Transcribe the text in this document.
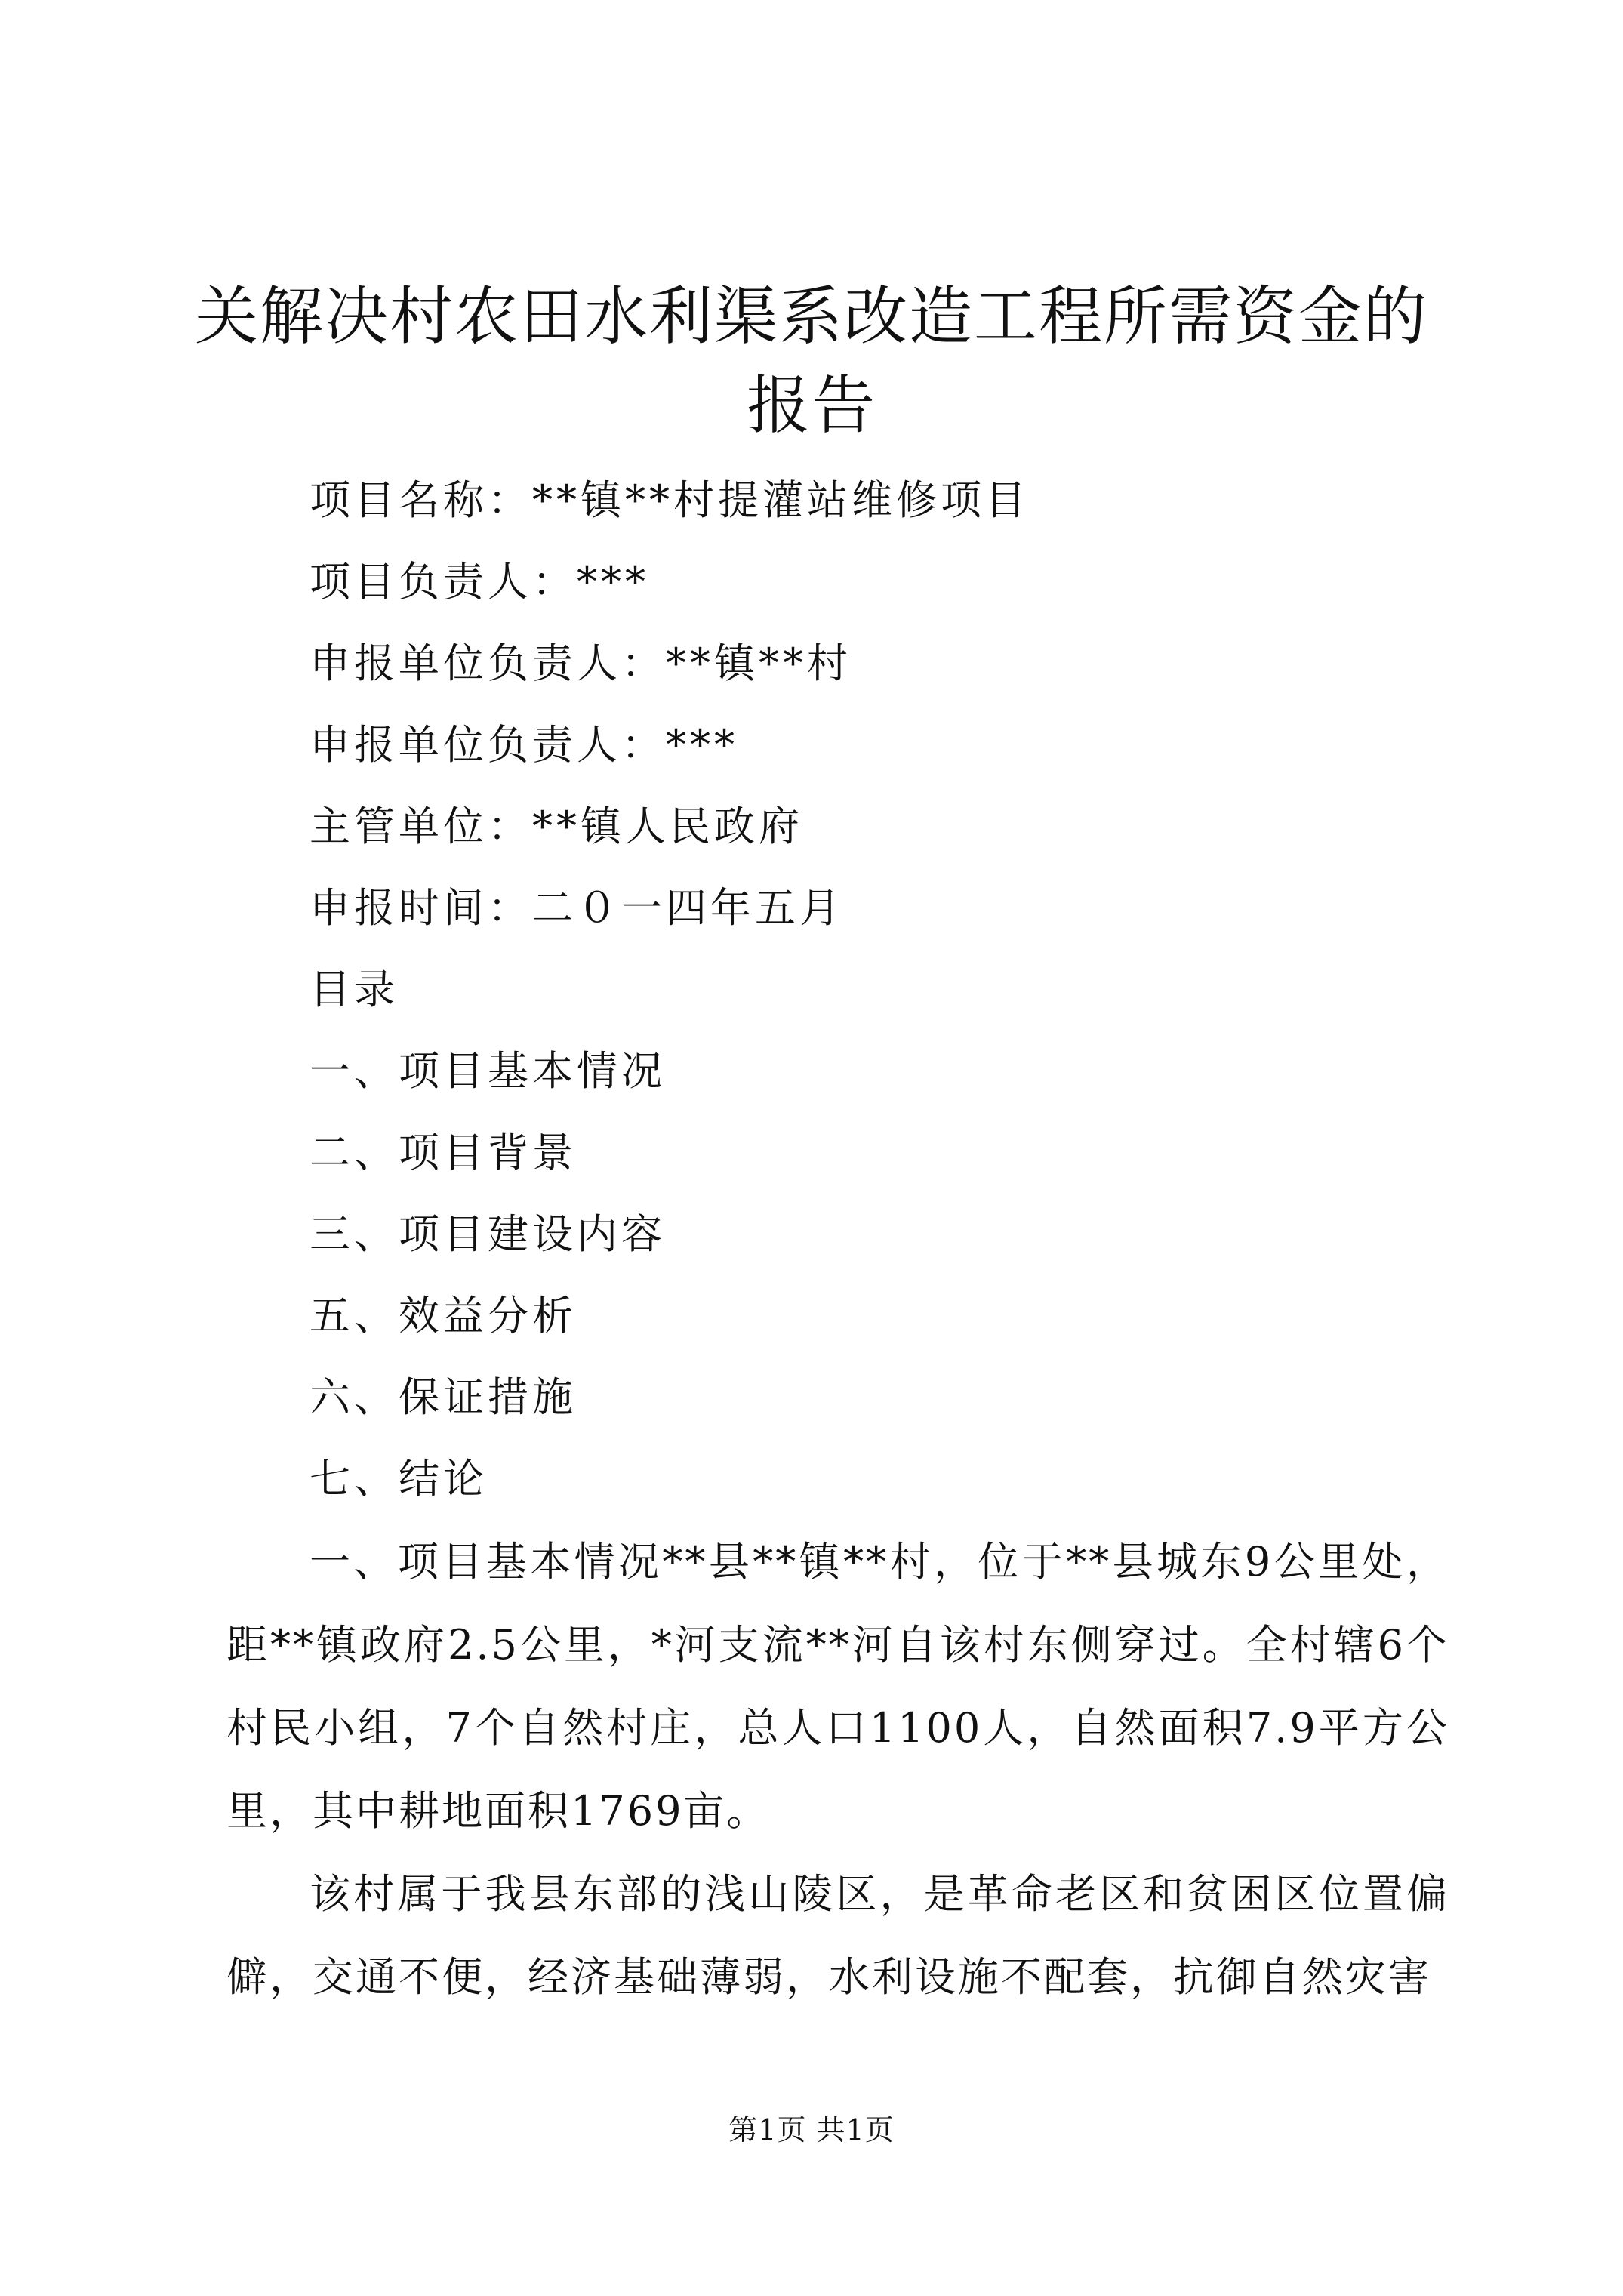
关解决村农田水利渠系改造工程所需资金的报告
项目名称：**镇**村提灌站维修项目
项目负责人：***
申报单位负责人：**镇**村
申报单位负责人：***
主管单位：**镇人民政府
申报时间：二０一四年五月
目录
一、项目基本情况
二、项目背景
三、项目建设内容
五、效益分析
六、保证措施
七、结论

一、项目基本情况**县**镇**村，位于**县城东9公里处，距**镇政府2.5公里，*河支流**河自该村东侧穿过。全村辖6个村民小组，7个自然村庄，总人口1100人，自然面积7.9平方公里，其中耕地面积1769亩。

该村属于我县东部的浅山陵区，是革命老区和贫困区位置偏僻，交通不便，经济基础薄弱，水利设施不配套，抗御自然灾害

第1页 共1页
